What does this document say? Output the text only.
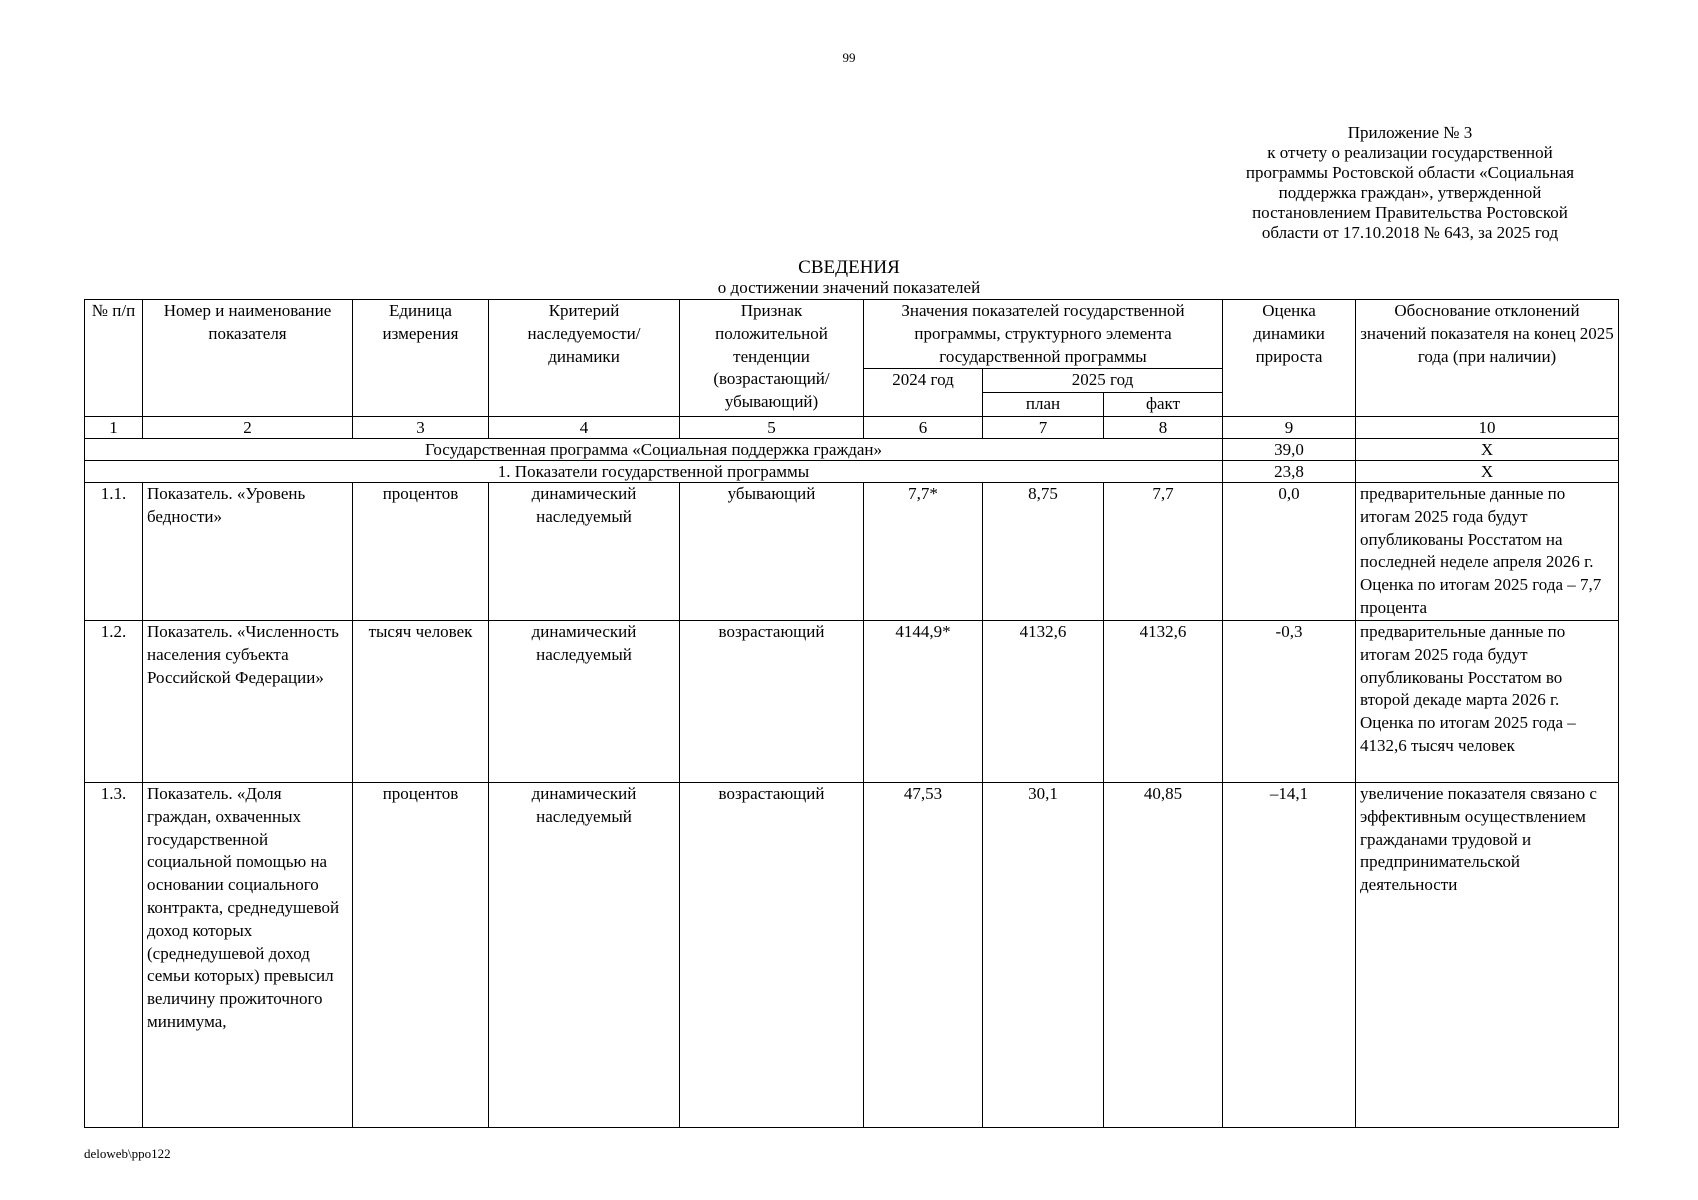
99
Приложение № 3
к отчету о реализации государственной
программы Ростовской области «Социальная
поддержка граждан», утвержденной
постановлением Правительства Ростовской
области от 17.10.2018 № 643, за 2025 год
СВЕДЕНИЯ
о достижении значений показателей
№ п/п	Номер и наименование показателя	Единица измерения	Критерий наследуемости/ динамики	Признак положительной тенденции (возрастающий/ убывающий)	Значения показателей государственной программы, структурного элемента государственной программы			Оценка динамики прироста	Обоснование отклонений значений показателя на конец 2025 года (при наличии)
					2024 год	2025 год			
						план	факт		
1	2	3	4	5	6	7	8	9	10
Государственная программа «Социальная поддержка граждан»								39,0	X
1. Показатели государственной программы								23,8	X
1.1.	Показатель. «Уровень бедности»	процентов	динамический наследуемый	убывающий	7,7*	8,75	7,7	0,0	предварительные данные по итогам 2025 года будут опубликованы Росстатом на последней неделе апреля 2026 г. Оценка по итогам 2025 года – 7,7 процента
1.2.	Показатель. «Численность населения субъекта Российской Федерации»	тысяч человек	динамический наследуемый	возрастающий	4144,9*	4132,6	4132,6	-0,3	предварительные данные по итогам 2025 года будут опубликованы Росстатом во второй декаде марта 2026 г. Оценка по итогам 2025 года – 4132,6 тысяч человек
1.3.	Показатель. «Доля граждан, охваченных государственной социальной помощью на основании социального контракта, среднедушевой доход которых (среднедушевой доход семьи которых) превысил величину прожиточного минимума,	процентов	динамический наследуемый	возрастающий	47,53	30,1	40,85	–14,1	увеличение показателя связано с эффективным осуществлением гражданами трудовой и предпринимательской деятельности
deloweb\ppo122
